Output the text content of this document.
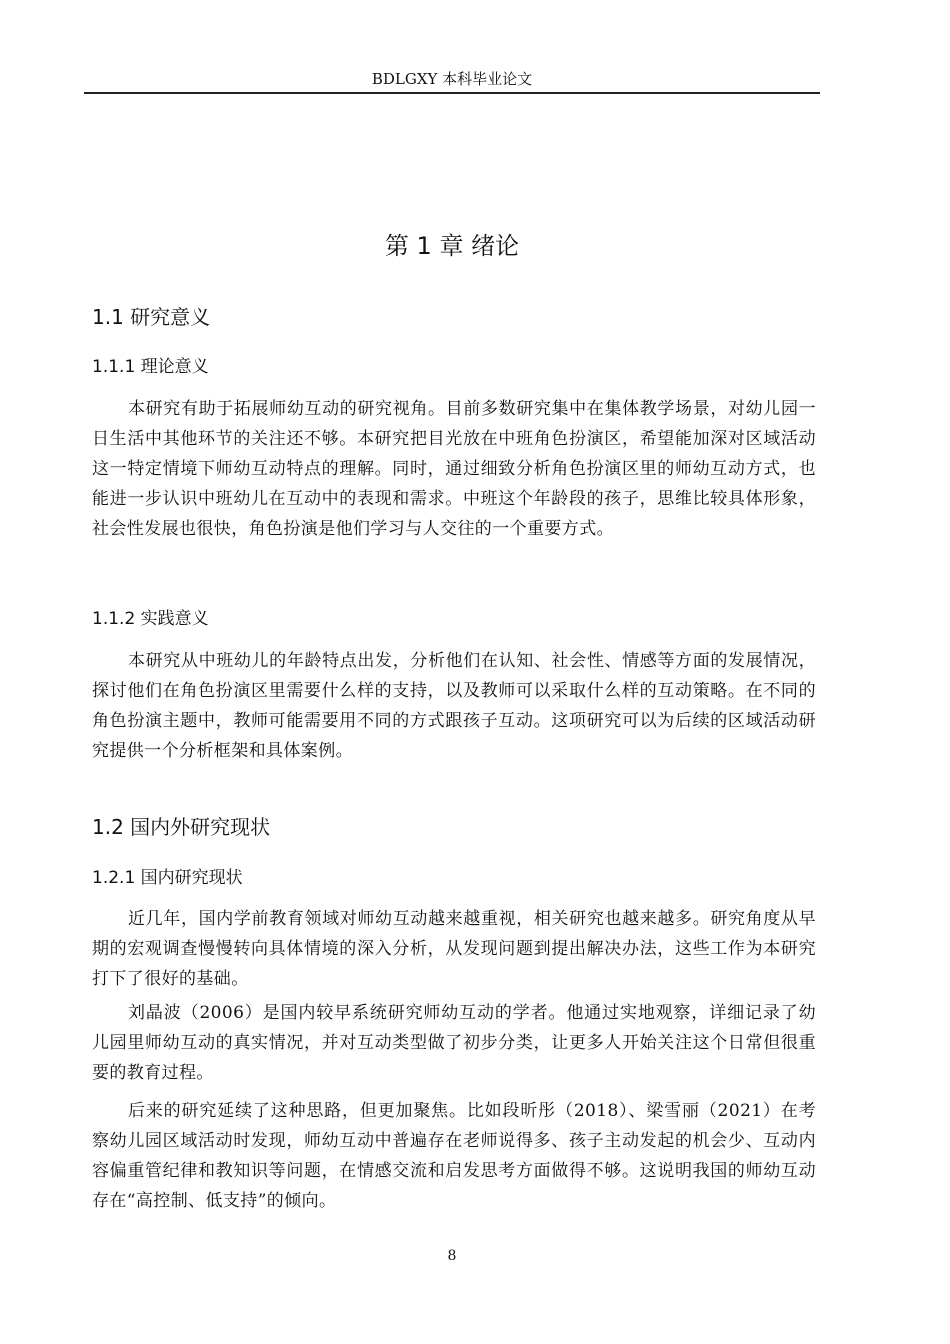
BDLGXY 本科毕业论文
第 1 章 绪论
1.1 研究意义
1.1.1 理论意义

本研究有助于拓展师幼互动的研究视角。目前多数研究集中在集体教学场景，对幼儿园一日生活中其他环节的关注还不够。本研究把目光放在中班角色扮演区，希望能加深对区域活动这一特定情境下师幼互动特点的理解。同时，通过细致分析角色扮演区里的师幼互动方式，也能进一步认识中班幼儿在互动中的表现和需求。中班这个年龄段的孩子，思维比较具体形象，社会性发展也很快，角色扮演是他们学习与人交往的一个重要方式。

1.1.2 实践意义

本研究从中班幼儿的年龄特点出发，分析他们在认知、社会性、情感等方面的发展情况，探讨他们在角色扮演区里需要什么样的支持，以及教师可以采取什么样的互动策略。在不同的角色扮演主题中，教师可能需要用不同的方式跟孩子互动。这项研究可以为后续的区域活动研究提供一个分析框架和具体案例。

1.2 国内外研究现状
1.2.1 国内研究现状

近几年，国内学前教育领域对师幼互动越来越重视，相关研究也越来越多。研究角度从早期的宏观调查慢慢转向具体情境的深入分析，从发现问题到提出解决办法，这些工作为本研究打下了很好的基础。

刘晶波（2006）是国内较早系统研究师幼互动的学者。他通过实地观察，详细记录了幼儿园里师幼互动的真实情况，并对互动类型做了初步分类，让更多人开始关注这个日常但很重要的教育过程。

后来的研究延续了这种思路，但更加聚焦。比如段昕彤（2018）、梁雪丽（2021）在考察幼儿园区域活动时发现，师幼互动中普遍存在老师说得多、孩子主动发起的机会少、互动内容偏重管纪律和教知识等问题，在情感交流和启发思考方面做得不够。这说明我国的师幼互动存在“高控制、低支持”的倾向。

8
